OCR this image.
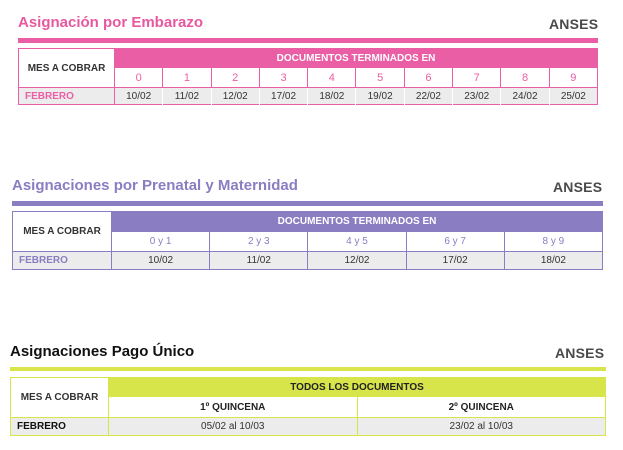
Asignación por Embarazo	ANSES
MES A COBRAR	DOCUMENTOS TERMINADOS EN									
	0	1	2	3	4	5	6	7	8	9
FEBRERO	10/02	11/02	12/02	17/02	18/02	19/02	22/02	23/02	24/02	25/02
Asignaciones por Prenatal y Maternidad	ANSES
MES A COBRAR	DOCUMENTOS TERMINADOS EN				
	0 y 1	2 y 3	4 y 5	6 y 7	8 y 9
FEBRERO	10/02	11/02	12/02	17/02	18/02
Asignaciones Pago Único	ANSES
MES A COBRAR	TODOS LOS DOCUMENTOS	
	1º QUINCENA	2º QUINCENA
FEBRERO	05/02 al 10/03	23/02 al 10/03
